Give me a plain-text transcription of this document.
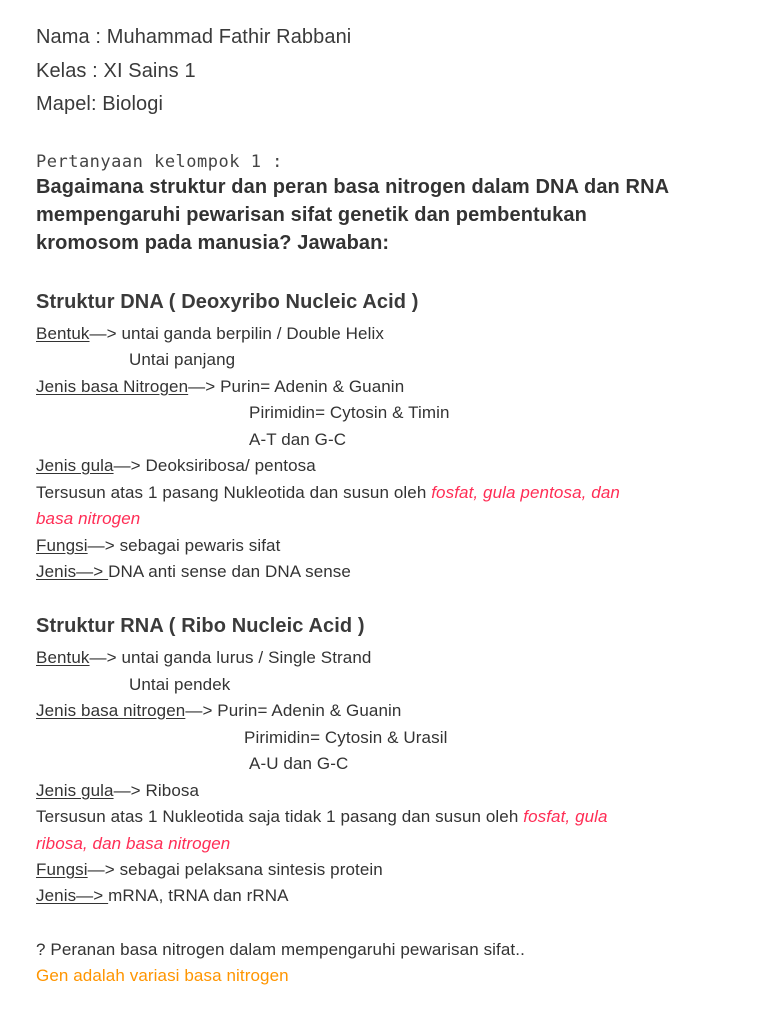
Nama : Muhammad Fathir Rabbani
Kelas : XI Sains 1
Mapel: Biologi
Pertanyaan kelompok 1 :
Bagaimana struktur dan peran basa nitrogen dalam DNA dan RNA
mempengaruhi pewarisan sifat genetik dan pembentukan
kromosom pada manusia? Jawaban:
Struktur DNA ( Deoxyribo Nucleic Acid )
Bentuk—> untai ganda berpilin / Double Helix
Untai panjang
Jenis basa Nitrogen—> Purin= Adenin & Guanin
Pirimidin= Cytosin & Timin
A-T dan G-C
Jenis gula—> Deoksiribosa/ pentosa
Tersusun atas 1 pasang Nukleotida dan susun oleh fosfat, gula pentosa, dan
basa nitrogen
Fungsi—> sebagai pewaris sifat
Jenis—> DNA anti sense dan DNA sense
Struktur RNA ( Ribo Nucleic Acid )
Bentuk—> untai ganda lurus / Single Strand
Untai pendek
Jenis basa nitrogen—> Purin= Adenin & Guanin
Pirimidin= Cytosin & Urasil
A-U dan G-C
Jenis gula—> Ribosa
Tersusun atas 1 Nukleotida saja tidak 1 pasang dan susun oleh fosfat, gula
ribosa, dan basa nitrogen
Fungsi—> sebagai pelaksana sintesis protein
Jenis—> mRNA, tRNA dan rRNA
? Peranan basa nitrogen dalam mempengaruhi pewarisan sifat..
Gen adalah variasi basa nitrogen
